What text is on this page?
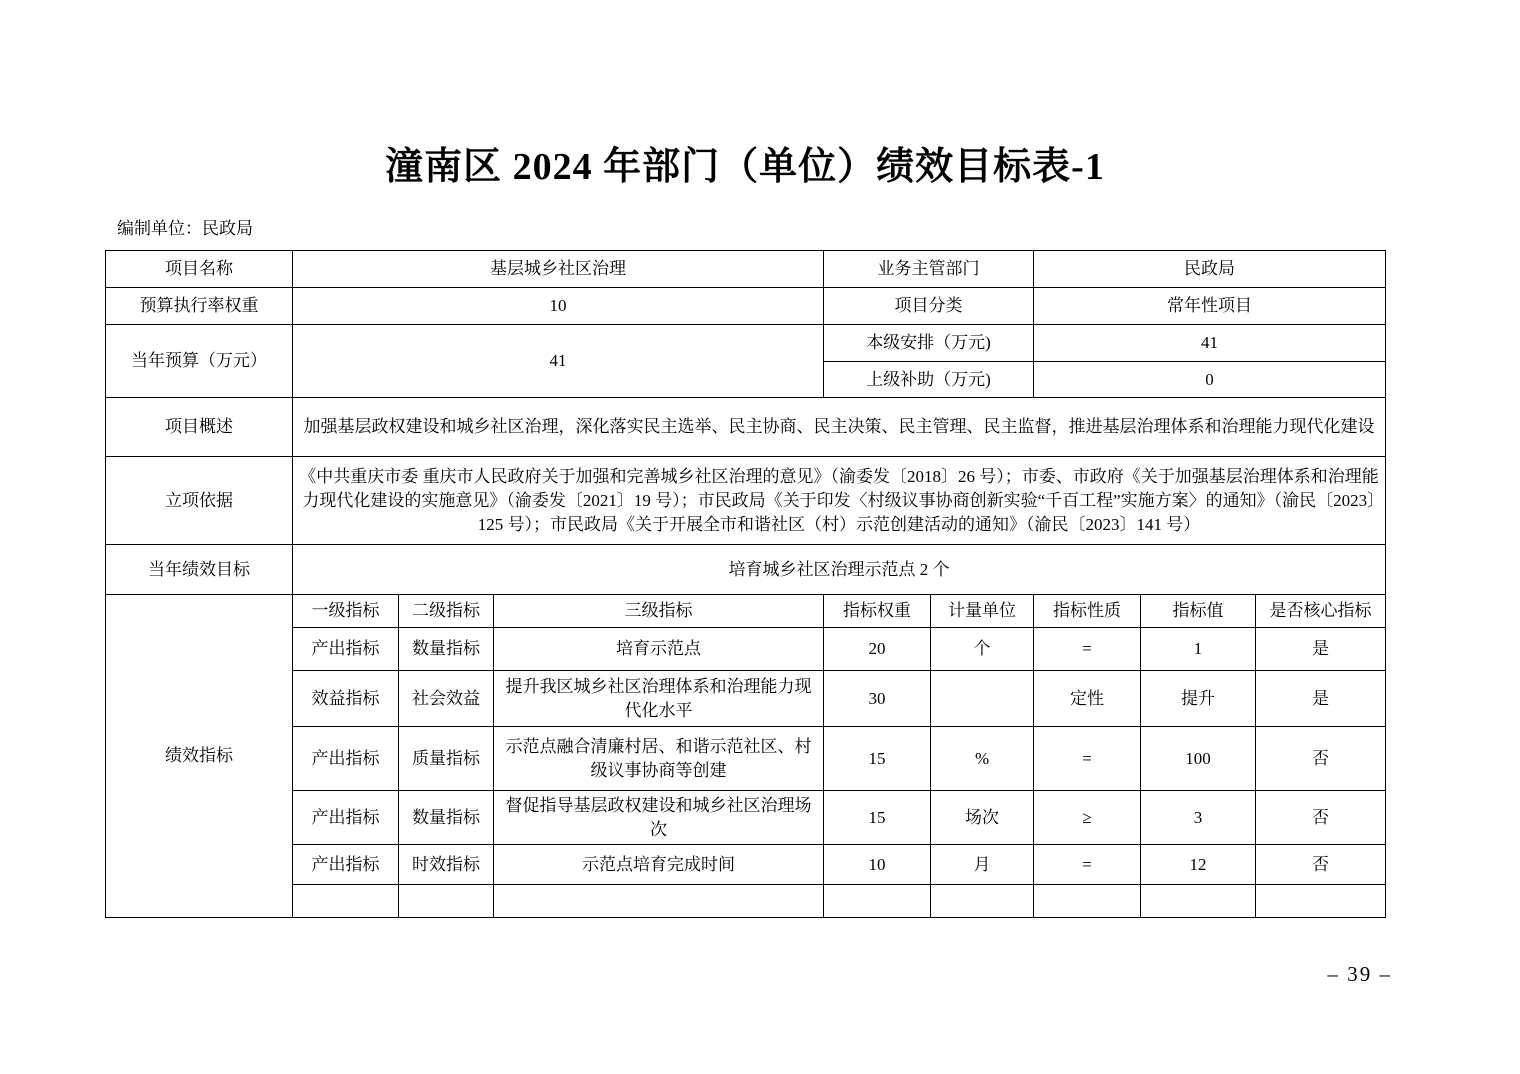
潼南区 2024 年部门（单位）绩效目标表-1
编制单位：民政局
项目名称	基层城乡社区治理			业务主管部门		民政局		
预算执行率权重	10			项目分类		常年性项目		
当年预算（万元）	41			本级安排（万元)		41		
				上级补助（万元)		0		
项目概述	加强基层政权建设和城乡社区治理，深化落实民主选举、民主协商、民主决策、民主管理、民主监督，推进基层治理体系和治理能力现代化建设							
立项依据	《中共重庆市委 重庆市人民政府关于加强和完善城乡社区治理的意见》（渝委发〔2018〕26 号）；市委、市政府《关于加强基层治理体系和治理能力现代化建设的实施意见》（渝委发〔2021〕19 号）；市民政局《关于印发〈村级议事协商创新实验“千百工程”实施方案〉的通知》（渝民〔2023〕125 号）；市民政局《关于开展全市和谐社区（村）示范创建活动的通知》（渝民〔2023〕141 号）							
当年绩效目标	培育城乡社区治理示范点 2 个							
绩效指标	一级指标	二级指标	三级指标	指标权重	计量单位	指标性质	指标值	是否核心指标
	产出指标	数量指标	培育示范点	20	个	=	1	是
	效益指标	社会效益	提升我区城乡社区治理体系和治理能力现代化水平	30		定性	提升	是
	产出指标	质量指标	示范点融合清廉村居、和谐示范社区、村级议事协商等创建	15	%	=	100	否
	产出指标	数量指标	督促指导基层政权建设和城乡社区治理场次	15	场次	≥	3	否
	产出指标	时效指标	示范点培育完成时间	10	月	=	12	否

– 39 –
